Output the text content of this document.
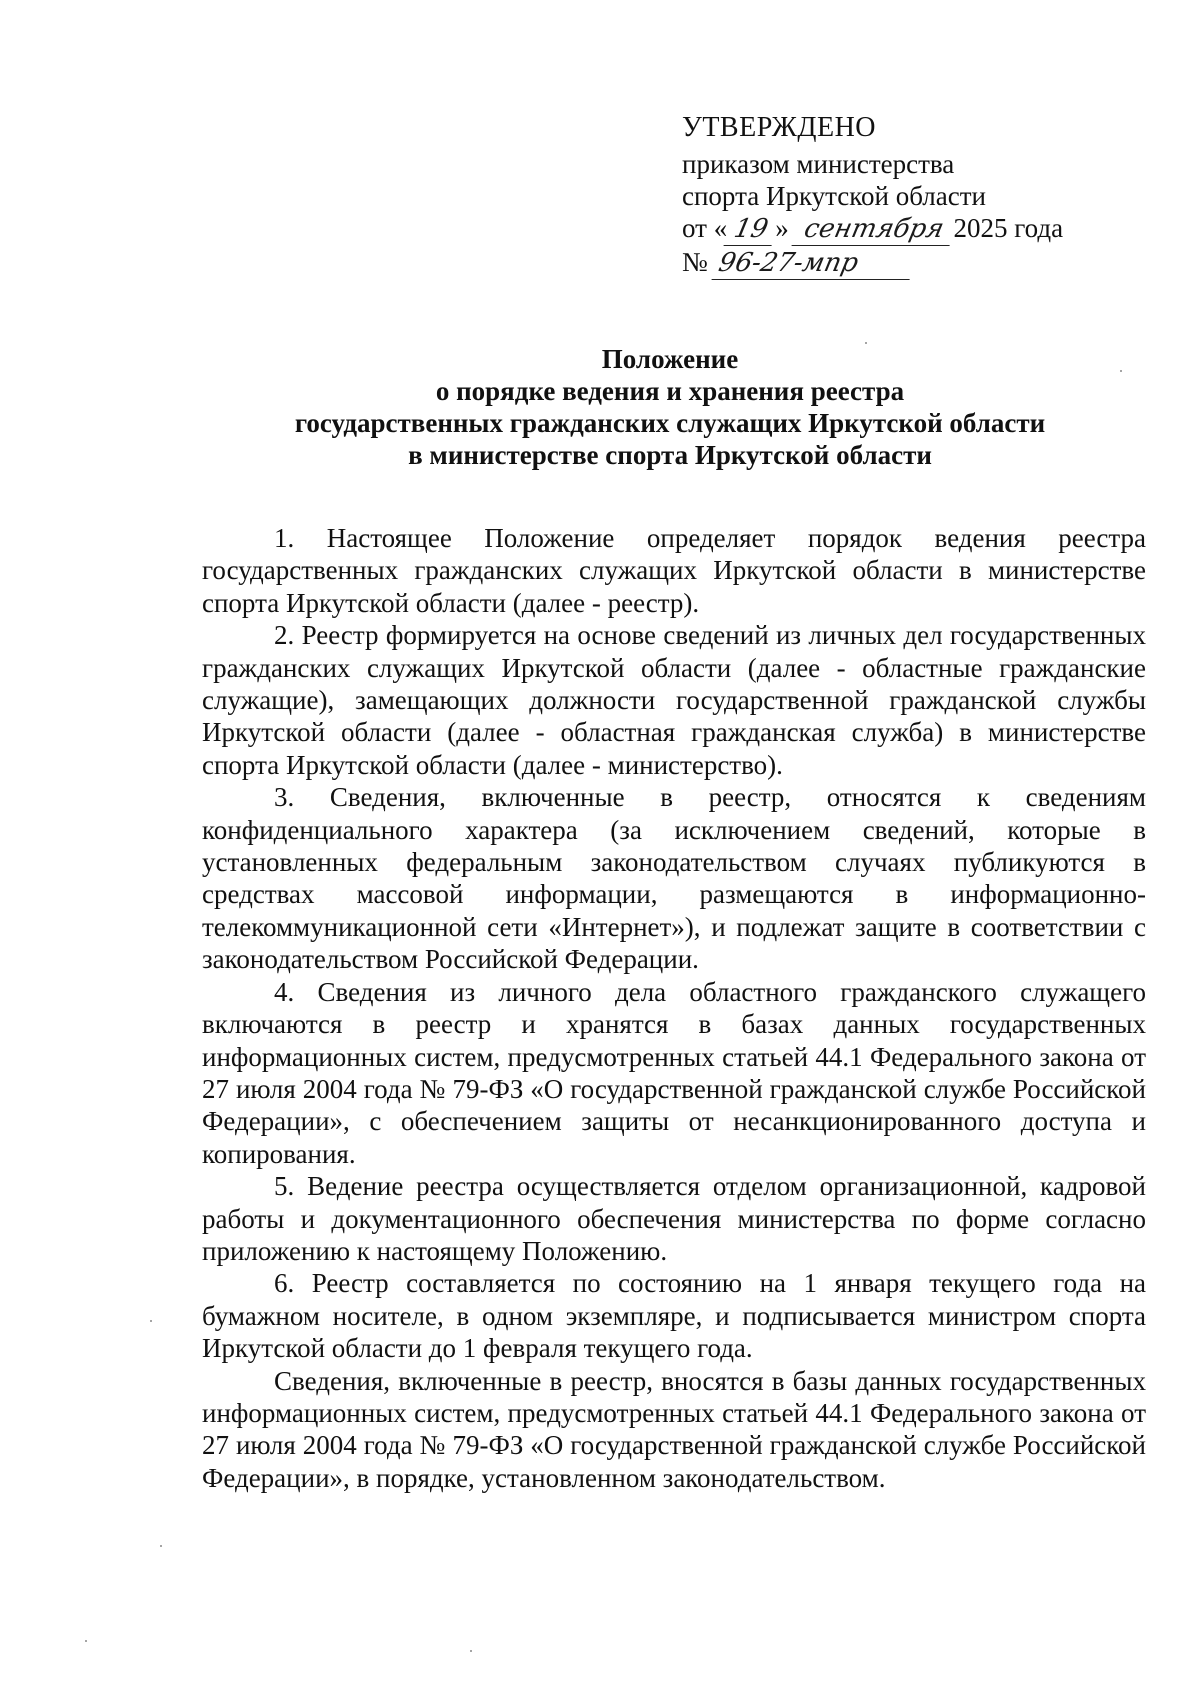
УТВЕРЖДЕНО
приказом министерства
спорта Иркутской области
от « 19 » сентября 2025 года
№ 96-27-мпр
Положение
о порядке ведения и хранения реестра
государственных гражданских служащих Иркутской области
в министерстве спорта Иркутской области

1. Настоящее Положение определяет порядок ведения реестра государственных гражданских служащих Иркутской области в министерстве спорта Иркутской области (далее - реестр).

2. Реестр формируется на основе сведений из личных дел государственных гражданских служащих Иркутской области (далее - областные гражданские служащие), замещающих должности государственной гражданской службы Иркутской области (далее - областная гражданская служба) в министерстве спорта Иркутской области (далее - министерство).

3. Сведения, включенные в реестр, относятся к сведениям конфиденциального характера (за исключением сведений, которые в установленных федеральным законодательством случаях публикуются в средствах массовой информации, размещаются в информационно-телекоммуникационной сети «Интернет»), и подлежат защите в соответствии с законодательством Российской Федерации.

4. Сведения из личного дела областного гражданского служащего включаются в реестр и хранятся в базах данных государственных информационных систем, предусмотренных статьей 44.1 Федерального закона от 27 июля 2004 года № 79-ФЗ «О государственной гражданской службе Российской Федерации», с обеспечением защиты от несанкционированного доступа и копирования.

5. Ведение реестра осуществляется отделом организационной, кадровой работы и документационного обеспечения министерства по форме согласно приложению к настоящему Положению.

6. Реестр составляется по состоянию на 1 января текущего года на бумажном носителе, в одном экземпляре, и подписывается министром спорта Иркутской области до 1 февраля текущего года.

Сведения, включенные в реестр, вносятся в базы данных государственных информационных систем, предусмотренных статьей 44.1 Федерального закона от 27 июля 2004 года № 79-ФЗ «О государственной гражданской службе Российской Федерации», в порядке, установленном законодательством.
